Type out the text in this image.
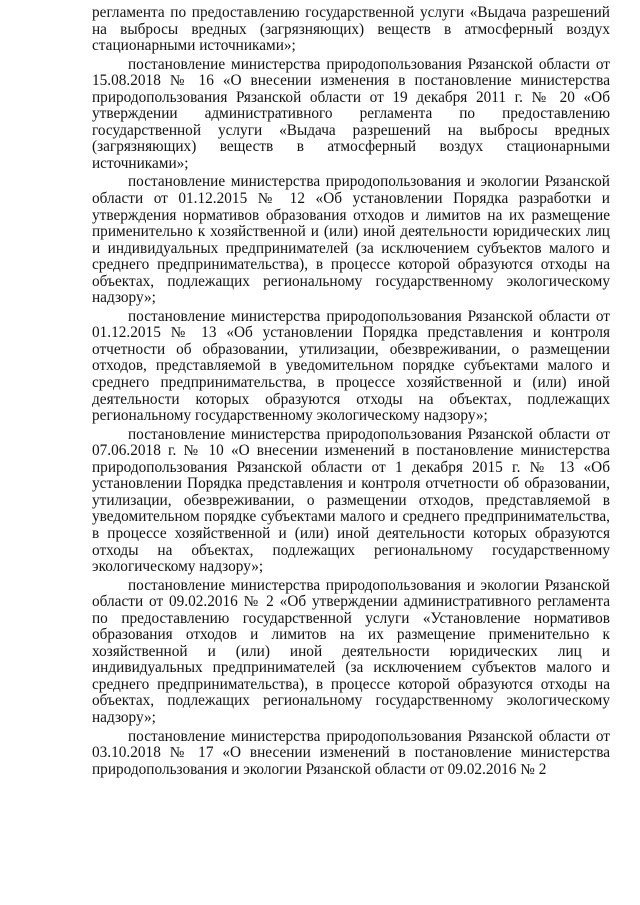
регламента по предоставлению государственной услуги «Выдача разрешений на выбросы вредных (загрязняющих) веществ в атмосферный воздух стационарными источниками»;

постановление министерства природопользования Рязанской области от 15.08.2018 № 16 «О внесении изменения в постановление министерства природопользования Рязанской области от 19 декабря 2011 г. № 20 «Об утверждении административного регламента по предоставлению государственной услуги «Выдача разрешений на выбросы вредных (загрязняющих) веществ в атмосферный воздух стационарными источниками»;

постановление министерства природопользования и экологии Рязанской области от 01.12.2015 № 12 «Об установлении Порядка разработки и утверждения нормативов образования отходов и лимитов на их размещение применительно к хозяйственной и (или) иной деятельности юридических лиц и индивидуальных предпринимателей (за исключением субъектов малого и среднего предпринимательства), в процессе которой образуются отходы на объектах, подлежащих региональному государственному экологическому надзору»;

постановление министерства природопользования Рязанской области от 01.12.2015 № 13 «Об установлении Порядка представления и контроля отчетности об образовании, утилизации, обезвреживании, о размещении отходов, представляемой в уведомительном порядке субъектами малого и среднего предпринимательства, в процессе хозяйственной и (или) иной деятельности которых образуются отходы на объектах, подлежащих региональному государственному экологическому надзору»;

постановление министерства природопользования Рязанской области от 07.06.2018 г. № 10 «О внесении изменений в постановление министерства природопользования Рязанской области от 1 декабря 2015 г. № 13 «Об установлении Порядка представления и контроля отчетности об образовании, утилизации, обезвреживании, о размещении отходов, представляемой в уведомительном порядке субъектами малого и среднего предпринимательства, в процессе хозяйственной и (или) иной деятельности которых образуются отходы на объектах, подлежащих региональному государственному экологическому надзору»;

постановление министерства природопользования и экологии Рязанской области от 09.02.2016 № 2 «Об утверждении административного регламента по предоставлению государственной услуги «Установление нормативов образования отходов и лимитов на их размещение применительно к хозяйственной и (или) иной деятельности юридических лиц и индивидуальных предпринимателей (за исключением субъектов малого и среднего предпринимательства), в процессе которой образуются отходы на объектах, подлежащих региональному государственному экологическому надзору»;

постановление министерства природопользования Рязанской области от 03.10.2018 № 17 «О внесении изменений в постановление министерства природопользования и экологии Рязанской области от 09.02.2016 № 2
